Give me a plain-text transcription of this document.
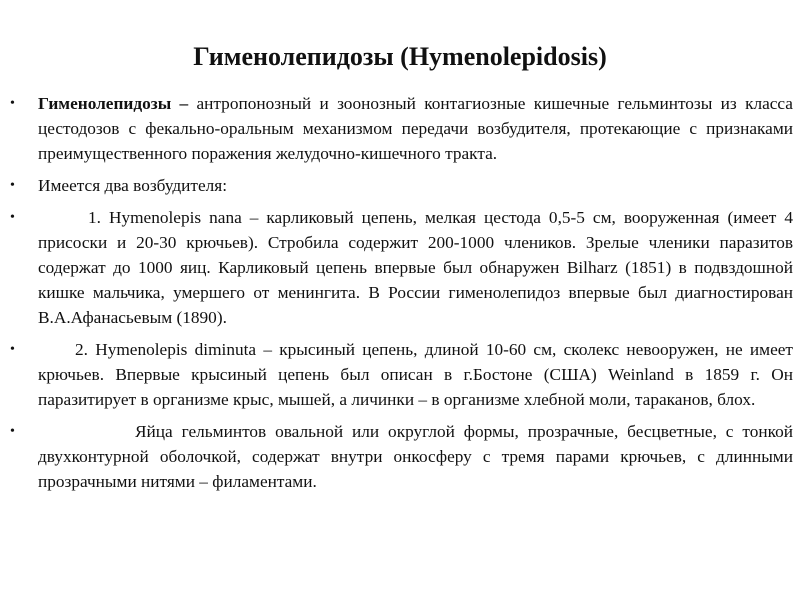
Гименолепидозы (Hymenolepidosis)
•	Гименолепидозы – антропонозный и зоонозный контагиозные кишечные гельминтозы из класса цестодозов с фекально-оральным механизмом передачи возбудителя, протекающие с признаками преимущественного поражения желудочно-кишечного тракта.
•	Имеется два возбудителя:
•	1. Hymenolepis nana – карликовый цепень, мелкая цестода 0,5-5 см, вооруженная (имеет 4 присоски и 20-30 крючьев). Стробила содержит 200-1000 члеников. Зрелые членики паразитов содержат до 1000 яиц. Карликовый цепень впервые был обнаружен Bilharz (1851) в подвздошной кишке мальчика, умершего от менингита. В России гименолепидоз впервые был диагностирован В.А.Афанасьевым (1890).
•	2. Hymenolepis diminuta – крысиный цепень, длиной 10-60 см, сколекс невооружен, не имеет крючьев. Впервые крысиный цепень был описан в г.Бостоне (США) Weinland в 1859 г. Он паразитирует в организме крыс, мышей, а личинки – в организме хлебной моли, тараканов, блох.
•	Яйца гельминтов овальной или округлой формы, прозрачные, бесцветные, с тонкой двухконтурной оболочкой, содержат внутри онкосферу с тремя парами крючьев, с длинными прозрачными нитями – филаментами.
